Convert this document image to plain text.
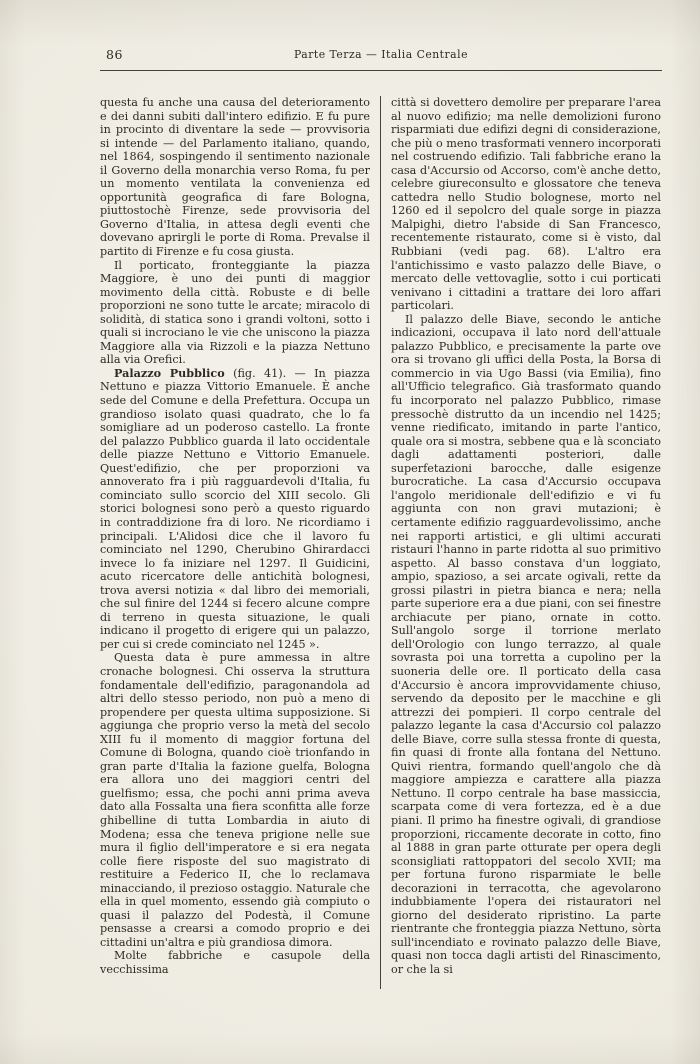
86	Parte Terza — Italia Centrale

questa fu anche una causa del deterioramento e dei danni subiti dall'intero edifizio. E fu pure in procinto di diventare la sede — provvisoria si intende — del Parlamento italiano, quando, nel 1864, sospingendo il sentimento nazionale il Governo della monarchia verso Roma, fu per un momento ventilata la convenienza ed opportunità geografica di fare Bologna, piuttostochè Firenze, sede provvisoria del Governo d'Italia, in attesa degli eventi che dovevano aprirgli le porte di Roma. Prevalse il partito di Firenze e fu cosa giusta.

Il porticato, fronteggiante la piazza Maggiore, è uno dei punti di maggior movimento della città. Robuste e di belle proporzioni ne sono tutte le arcate; miracolo di solidità, di statica sono i grandi voltoni, sotto i quali si incrociano le vie che uniscono la piazza Maggiore alla via Rizzoli e la piazza Nettuno alla via Orefici.

Palazzo Pubblico (fig. 41). — In piazza Nettuno e piazza Vittorio Emanuele. È anche sede del Comune e della Prefettura. Occupa un grandioso isolato quasi quadrato, che lo fa somigliare ad un poderoso castello. La fronte del palazzo Pubblico guarda il lato occidentale delle piazze Nettuno e Vittorio Emanuele. Quest'edifizio, che per proporzioni va annoverato fra i più ragguardevoli d'Italia, fu cominciato sullo scorcio del XIII secolo. Gli storici bolognesi sono però a questo riguardo in contraddizione fra di loro. Ne ricordiamo i principali. L'Alidosi dice che il lavoro fu cominciato nel 1290, Cherubino Ghirardacci invece lo fa iniziare nel 1297. Il Guidicini, acuto ricercatore delle antichità bolognesi, trova aversi notizia « dal libro dei memoriali, che sul finire del 1244 si fecero alcune compre di terreno in questa situazione, le quali indicano il progetto di erigere qui un palazzo, per cui si crede cominciato nel 1245 ».

Questa data è pure ammessa in altre cronache bolognesi. Chi osserva la struttura fondamentale dell'edifizio, paragonandola ad altri dello stesso periodo, non può a meno di propendere per questa ultima supposizione. Si aggiunga che proprio verso la metà del secolo XIII fu il momento di maggior fortuna del Comune di Bologna, quando cioè trionfando in gran parte d'Italia la fazione guelfa, Bologna era allora uno dei maggiori centri del guelfismo; essa, che pochi anni prima aveva dato alla Fossalta una fiera sconfitta alle forze ghibelline di tutta Lombardia in aiuto di Modena; essa che teneva prigione nelle sue mura il figlio dell'imperatore e si era negata colle fiere risposte del suo magistrato di restituire a Federico II, che lo reclamava minacciando, il prezioso ostaggio. Naturale che ella in quel momento, essendo già compiuto o quasi il palazzo del Podestà, il Comune pensasse a crearsi a comodo proprio e dei cittadini un'altra e più grandiosa dimora.

Molte fabbriche e casupole della vecchissima

città si dovettero demolire per preparare l'area al nuovo edifizio; ma nelle demolizioni furono risparmiati due edifizi degni di considerazione, che più o meno trasformati vennero incorporati nel costruendo edifizio. Tali fabbriche erano la casa d'Accursio od Accorso, com'è anche detto, celebre giureconsulto e glossatore che teneva cattedra nello Studio bolognese, morto nel 1260 ed il sepolcro del quale sorge in piazza Malpighi, dietro l'abside di San Francesco, recentemente ristaurato, come si è visto, dal Rubbiani (vedi pag. 68). L'altro era l'antichissimo e vasto palazzo delle Biave, o mercato delle vettovaglie, sotto i cui porticati venivano i cittadini a trattare dei loro affari particolari.

Il palazzo delle Biave, secondo le antiche indicazioni, occupava il lato nord dell'attuale palazzo Pubblico, e precisamente la parte ove ora si trovano gli uffici della Posta, la Borsa di commercio in via Ugo Bassi (via Emilia), fino all'Ufficio telegrafico. Già trasformato quando fu incorporato nel palazzo Pubblico, rimase pressochè distrutto da un incendio nel 1425; venne riedificato, imitando in parte l'antico, quale ora si mostra, sebbene qua e là sconciato dagli adattamenti posteriori, dalle superfetazioni barocche, dalle esigenze burocratiche. La casa d'Accursio occupava l'angolo meridionale dell'edifizio e vi fu aggiunta con non gravi mutazioni; è certamente edifizio ragguardevolissimo, anche nei rapporti artistici, e gli ultimi accurati ristauri l'hanno in parte ridotta al suo primitivo aspetto. Al basso constava d'un loggiato, ampio, spazioso, a sei arcate ogivali, rette da grossi pilastri in pietra bianca e nera; nella parte superiore era a due piani, con sei finestre archiacute per piano, ornate in cotto. Sull'angolo sorge il torrione merlato dell'Orologio con lungo terrazzo, al quale sovrasta poi una torretta a cupolino per la suoneria delle ore. Il porticato della casa d'Accursio è ancora improvvidamente chiuso, servendo da deposito per le macchine e gli attrezzi dei pompieri. Il corpo centrale del palazzo legante la casa d'Accursio col palazzo delle Biave, corre sulla stessa fronte di questa, fin quasi di fronte alla fontana del Nettuno. Quivi rientra, formando quell'angolo che dà maggiore ampiezza e carattere alla piazza Nettuno. Il corpo centrale ha base massiccia, scarpata come di vera fortezza, ed è a due piani. Il primo ha finestre ogivali, di grandiose proporzioni, riccamente decorate in cotto, fino al 1888 in gran parte otturate per opera degli sconsigliati rattoppatori del secolo XVII; ma per fortuna furono risparmiate le belle decorazioni in terracotta, che agevolarono indubbiamente l'opera dei ristauratori nel giorno del desiderato ripristino. La parte rientrante che fronteggia piazza Nettuno, sòrta sull'incendiato e rovinato palazzo delle Biave, quasi non tocca dagli artisti del Rinascimento, or che la si
